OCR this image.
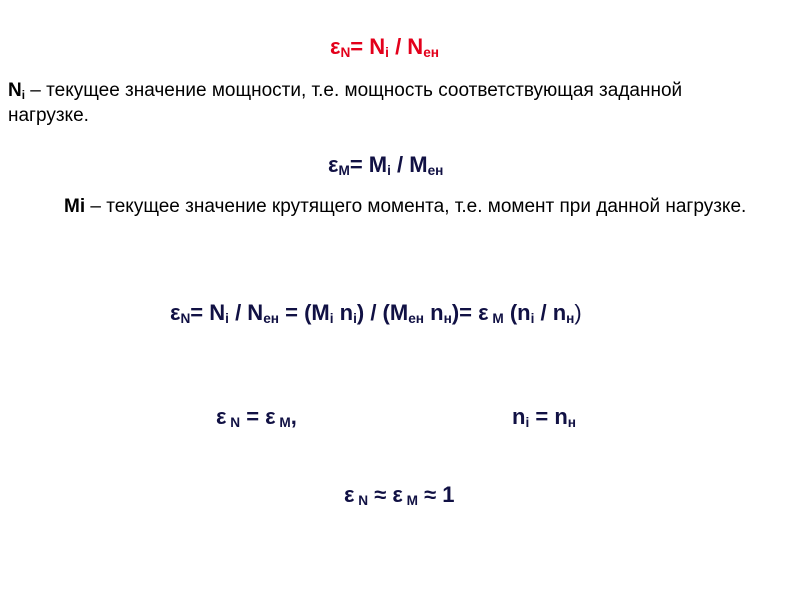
$\varepsilon_N= N_i / N_{ен}$
$N_i$ – текущее значение мощности, т.е. мощность соответствующая заданной нагрузке.
$\varepsilon_M= M_i / M_{ен}$
Mi – текущее значение крутящего момента, т.е. момент при данной нагрузке.
$\varepsilon_N= N_i / N_{ен} = (M_i$ $n_i) / (M_{ен}$ $n_н)= \varepsilon$ $_M$ $(n_i / n_н)$
ε $_N$ = ε $_M$,	$n_i = n_н$
ε $_N$ ≈ ε $_M$ ≈ 1
